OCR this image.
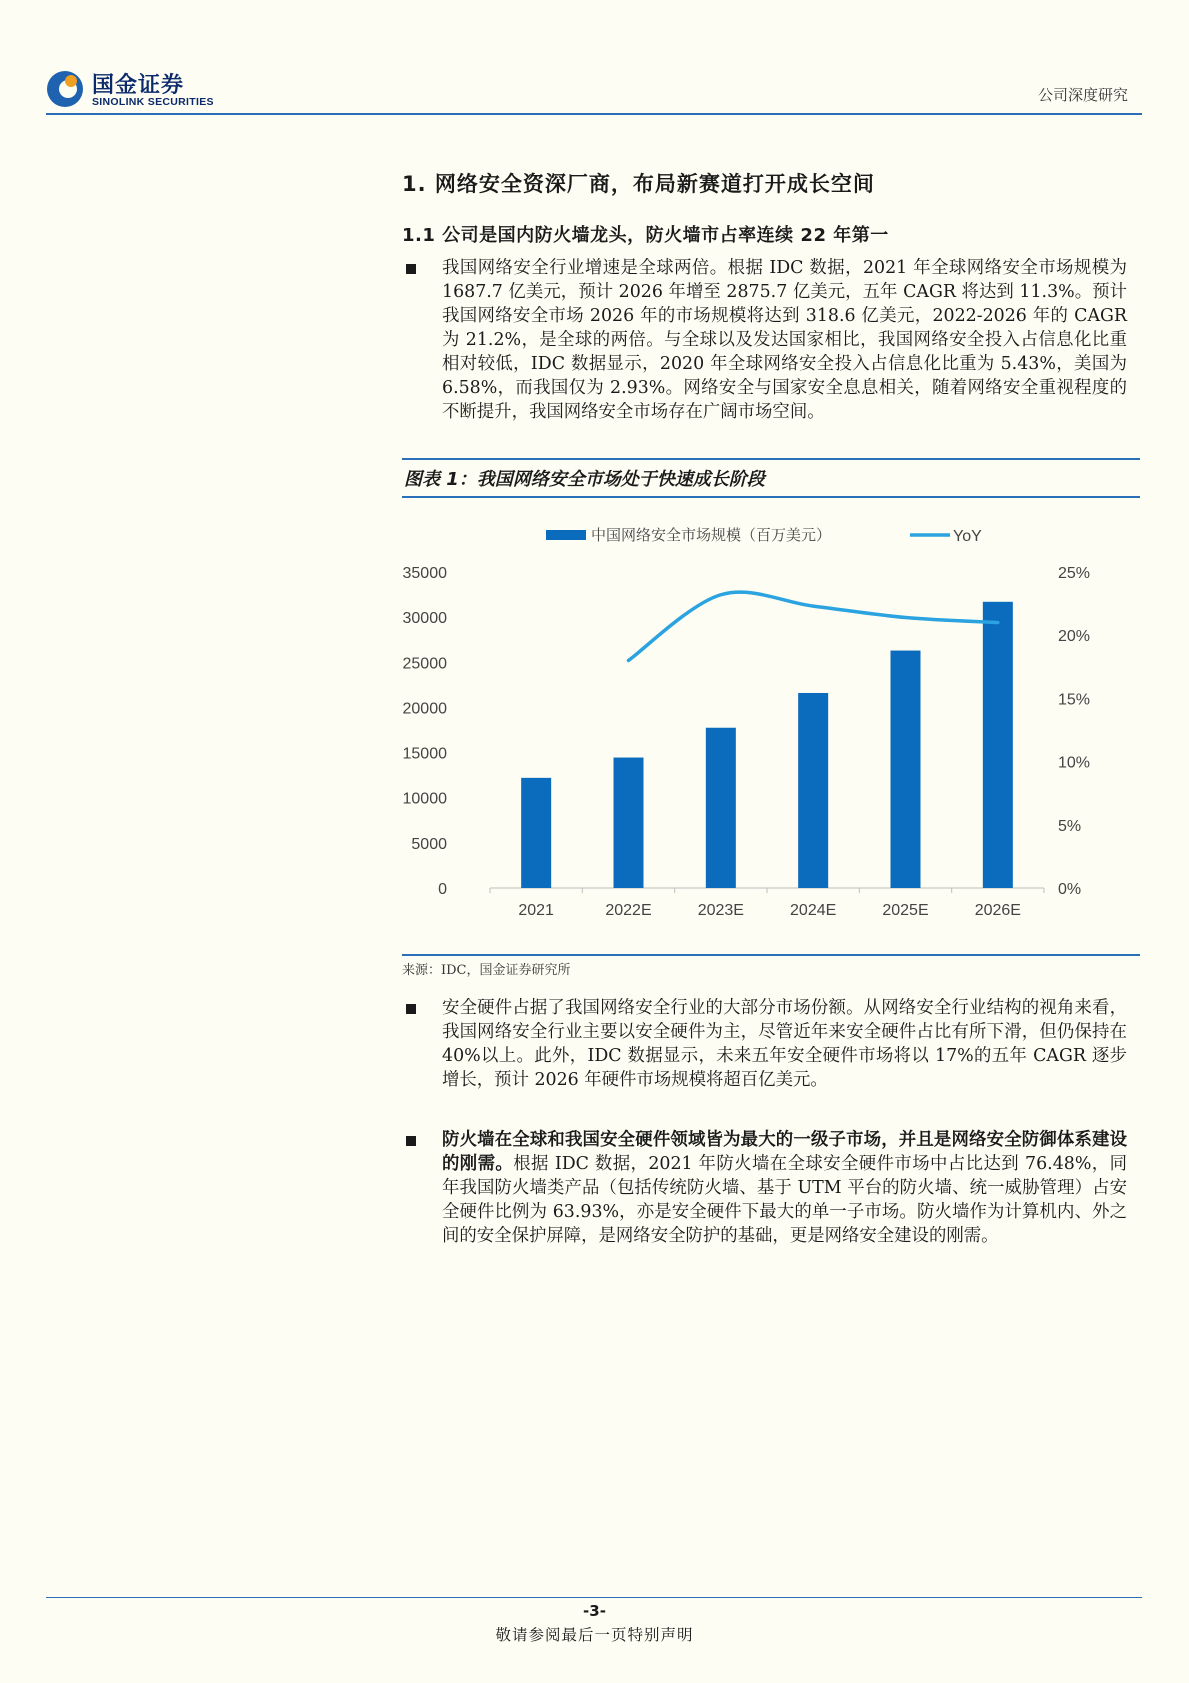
国金证券
SINOLINK SECURITIES	公司深度研究
1. 网络安全资深厂商，布局新赛道打开成长空间
1.1 公司是国内防火墙龙头，防火墙市占率连续 22 年第一
我国网络安全行业增速是全球两倍。根据 IDC 数据，2021 年全球网络安全市场规模为 1687.7 亿美元，预计 2026 年增至 2875.7 亿美元，五年 CAGR 将达到 11.3%。预计我国网络安全市场 2026 年的市场规模将达到 318.6 亿美元，2022-2026 年的 CAGR 为 21.2%，是全球的两倍。与全球以及发达国家相比，我国网络安全投入占信息化比重相对较低，IDC 数据显示，2020 年全球网络安全投入占信息化比重为 5.43%，美国为 6.58%，而我国仅为 2.93%。网络安全与国家安全息息相关，随着网络安全重视程度的不断提升，我国网络安全市场存在广阔市场空间。
图表 1：我国网络安全市场处于快速成长阶段
0
5000
10000
15000
20000
25000
30000
35000
0%
5%
10%
15%
20%
25%
2021	2022E	2023E	2024E	2025E	2026E
中国网络安全市场规模（百万美元）	YoY
来源：IDC，国金证券研究所
安全硬件占据了我国网络安全行业的大部分市场份额。从网络安全行业结构的视角来看，我国网络安全行业主要以安全硬件为主，尽管近年来安全硬件占比有所下滑，但仍保持在 40%以上。此外，IDC 数据显示，未来五年安全硬件市场将以 17%的五年 CAGR 逐步增长，预计 2026 年硬件市场规模将超百亿美元。
防火墙在全球和我国安全硬件领域皆为最大的一级子市场，并且是网络安全防御体系建设的刚需。根据 IDC 数据，2021 年防火墙在全球安全硬件市场中占比达到 76.48%，同年我国防火墙类产品（包括传统防火墙、基于 UTM 平台的防火墙、统一威胁管理）占安全硬件比例为 63.93%，亦是安全硬件下最大的单一子市场。防火墙作为计算机内、外之间的安全保护屏障，是网络安全防护的基础，更是网络安全建设的刚需。
-3-
敬请参阅最后一页特别声明
